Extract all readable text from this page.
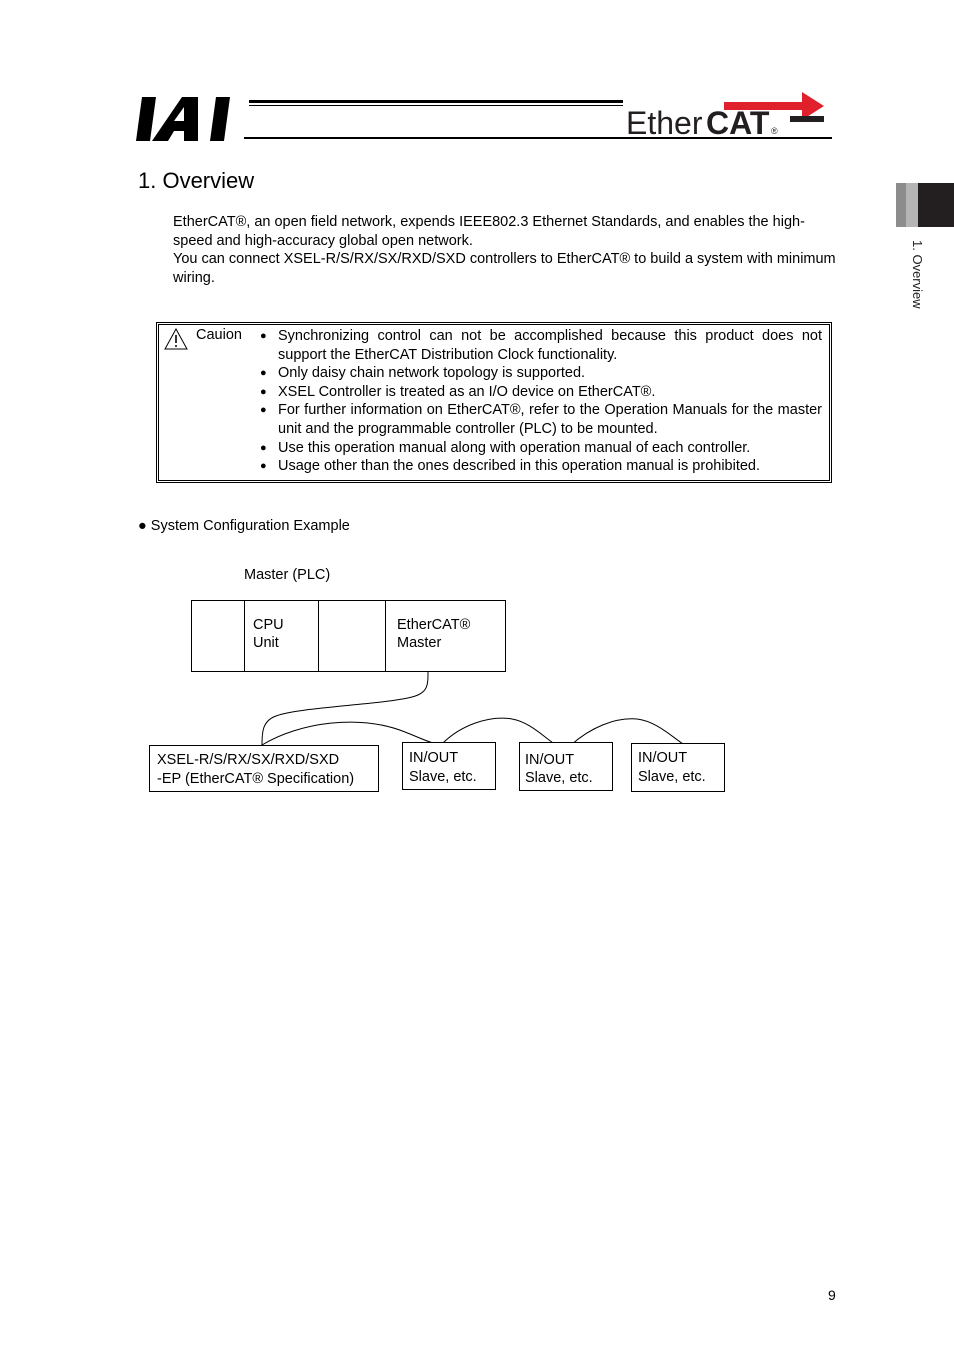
Ether CAT ®
1. Overview
1. Overview

EtherCAT®, an open field network, expends IEEE802.3 Ethernet Standards, and enables the high-speed and high-accuracy global open network.

You can connect XSEL-R/S/RX/SX/RXD/SXD controllers to EtherCAT® to build a system with minimum wiring.

Cauion
●	Synchronizing control can not be accomplished because this product does not support the EtherCAT Distribution Clock functionality.
● Only daisy chain network topology is supported.
● XSEL Controller is treated as an I/O device on EtherCAT®.
● For further information on EtherCAT®, refer to the Operation Manuals for the master unit and the programmable controller (PLC) to be mounted.
● Use this operation manual along with operation manual of each controller.
● Usage other than the ones described in this operation manual is prohibited.
● System Configuration Example
Master (PLC)
CPU
Unit
EtherCAT®
Master
XSEL-R/S/RX/SX/RXD/SXD
-EP (EtherCAT® Specification)
IN/OUT
Slave, etc.
IN/OUT
Slave, etc.
IN/OUT
Slave, etc.
9
